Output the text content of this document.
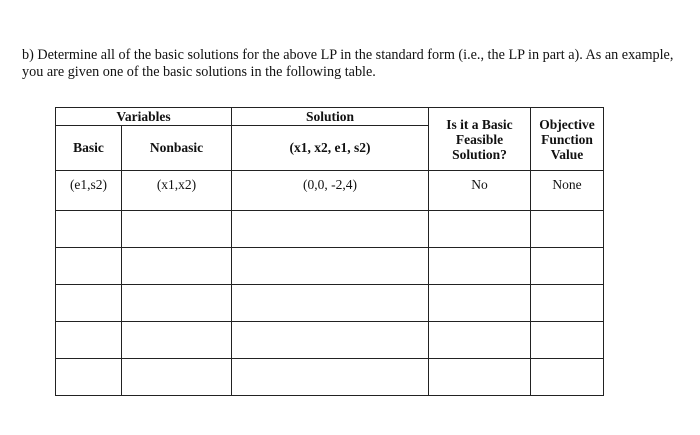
b) Determine all of the basic solutions for the above LP in the standard form (i.e., the LP in part a). As an example, you are given one of the basic solutions in the following table.

Variables		Solution	Is it a Basic Feasible Solution?	Objective Function Value
Basic	Nonbasic	(x1, x2, e1, s2)		
(e1,s2)	(x1,x2)	(0,0, -2,4)	No	None
